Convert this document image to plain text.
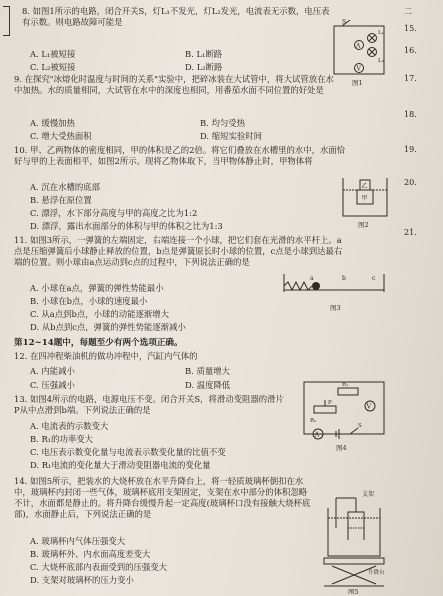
8. 如图1所示的电路，闭合开关S，灯L₁不发光，灯L₂发光，电流表无示数，电压表有示数。则电路故障可能是
A. L₁被短接	B. L₁断路
C. L₂被短接	D. L₂断路
A
V
S
L₁
L₂
图1
9. 在探究"冰熔化时温度与时间的关系"实验中，把碎冰装在大试管中，将大试管放在水中加热。水的质量相同，大试管在水中的深度也相同，用番茄水面不同位置的好处是
A. 缓慢加热	B. 均匀受热
C. 增大受热面积	D. 缩短实验时间
10. 甲、乙两物体的密度相同，甲的体积是乙的2倍。将它们叠放在水槽里的水中，水面恰好与甲的上表面相平，如图2所示。现将乙物体取下，当甲物体静止时，甲物体将
A. 沉在水槽的底部
B. 悬浮在原位置
C. 漂浮，水下部分高度与甲的高度之比为1:2
D. 漂浮，露出水面部分的体积与甲的体积之比为1:3
乙
甲
图2
11. 如图3所示，一弹簧的左端固定，右端连接一个小球，把它们套在光滑的水平杆上。a点是压缩弹簧后小球静止释放的位置，b点是弹簧原长时小球的位置，c点是小球到达最右端的位置。则小球由a点运动到c点的过程中，下列说法正确的是
A. 小球在a点，弹簧的弹性势能最小
B. 小球在b点，小球的速度最小
C. 从a点到b点，小球的动能逐渐增大
D. 从b点到c点，弹簧的弹性势能逐渐减小
a	b	c
图3
第12~14题中，每题至少有两个选项正确。
12. 在四冲程柴油机的做功冲程中，汽缸内气体的
A. 内能减小	B. 质量增大
C. 压强减小	D. 温度降低
13. 如图4所示的电路，电源电压不变。闭合开关S，将滑动变阻器的滑片P从中点滑到b端。下列说法正确的是
A. 电流表的示数变大
B. R₁的功率变大
C. 电压表示数变化量与电流表示数变化量的比值不变
D. R₁电流的变化量大于滑动变阻器电流的变化量
V
A
R₁
R₂
P
S
图4
14. 如图5所示，把装水的大烧杯放在水平升降台上，将一轻质玻璃杯倒扣在水中，玻璃杯内封闭一些气体，玻璃杯底用支架固定，支架在水中部分的体积忽略不计，水面都是静止的。将升降台缓慢升起一定高度(玻璃杯口没有接触大烧杯底部)，水面静止后，下列说法正确的是
A. 玻璃杯内气体压强变大
B. 玻璃杯外、内水面高度差变大
C. 大烧杯底部内表面受到的压强变大
D. 支架对玻璃杯的压力变小
支架
升降台
图5
二
15.
16.
17.
18.
19.
20.
21.
